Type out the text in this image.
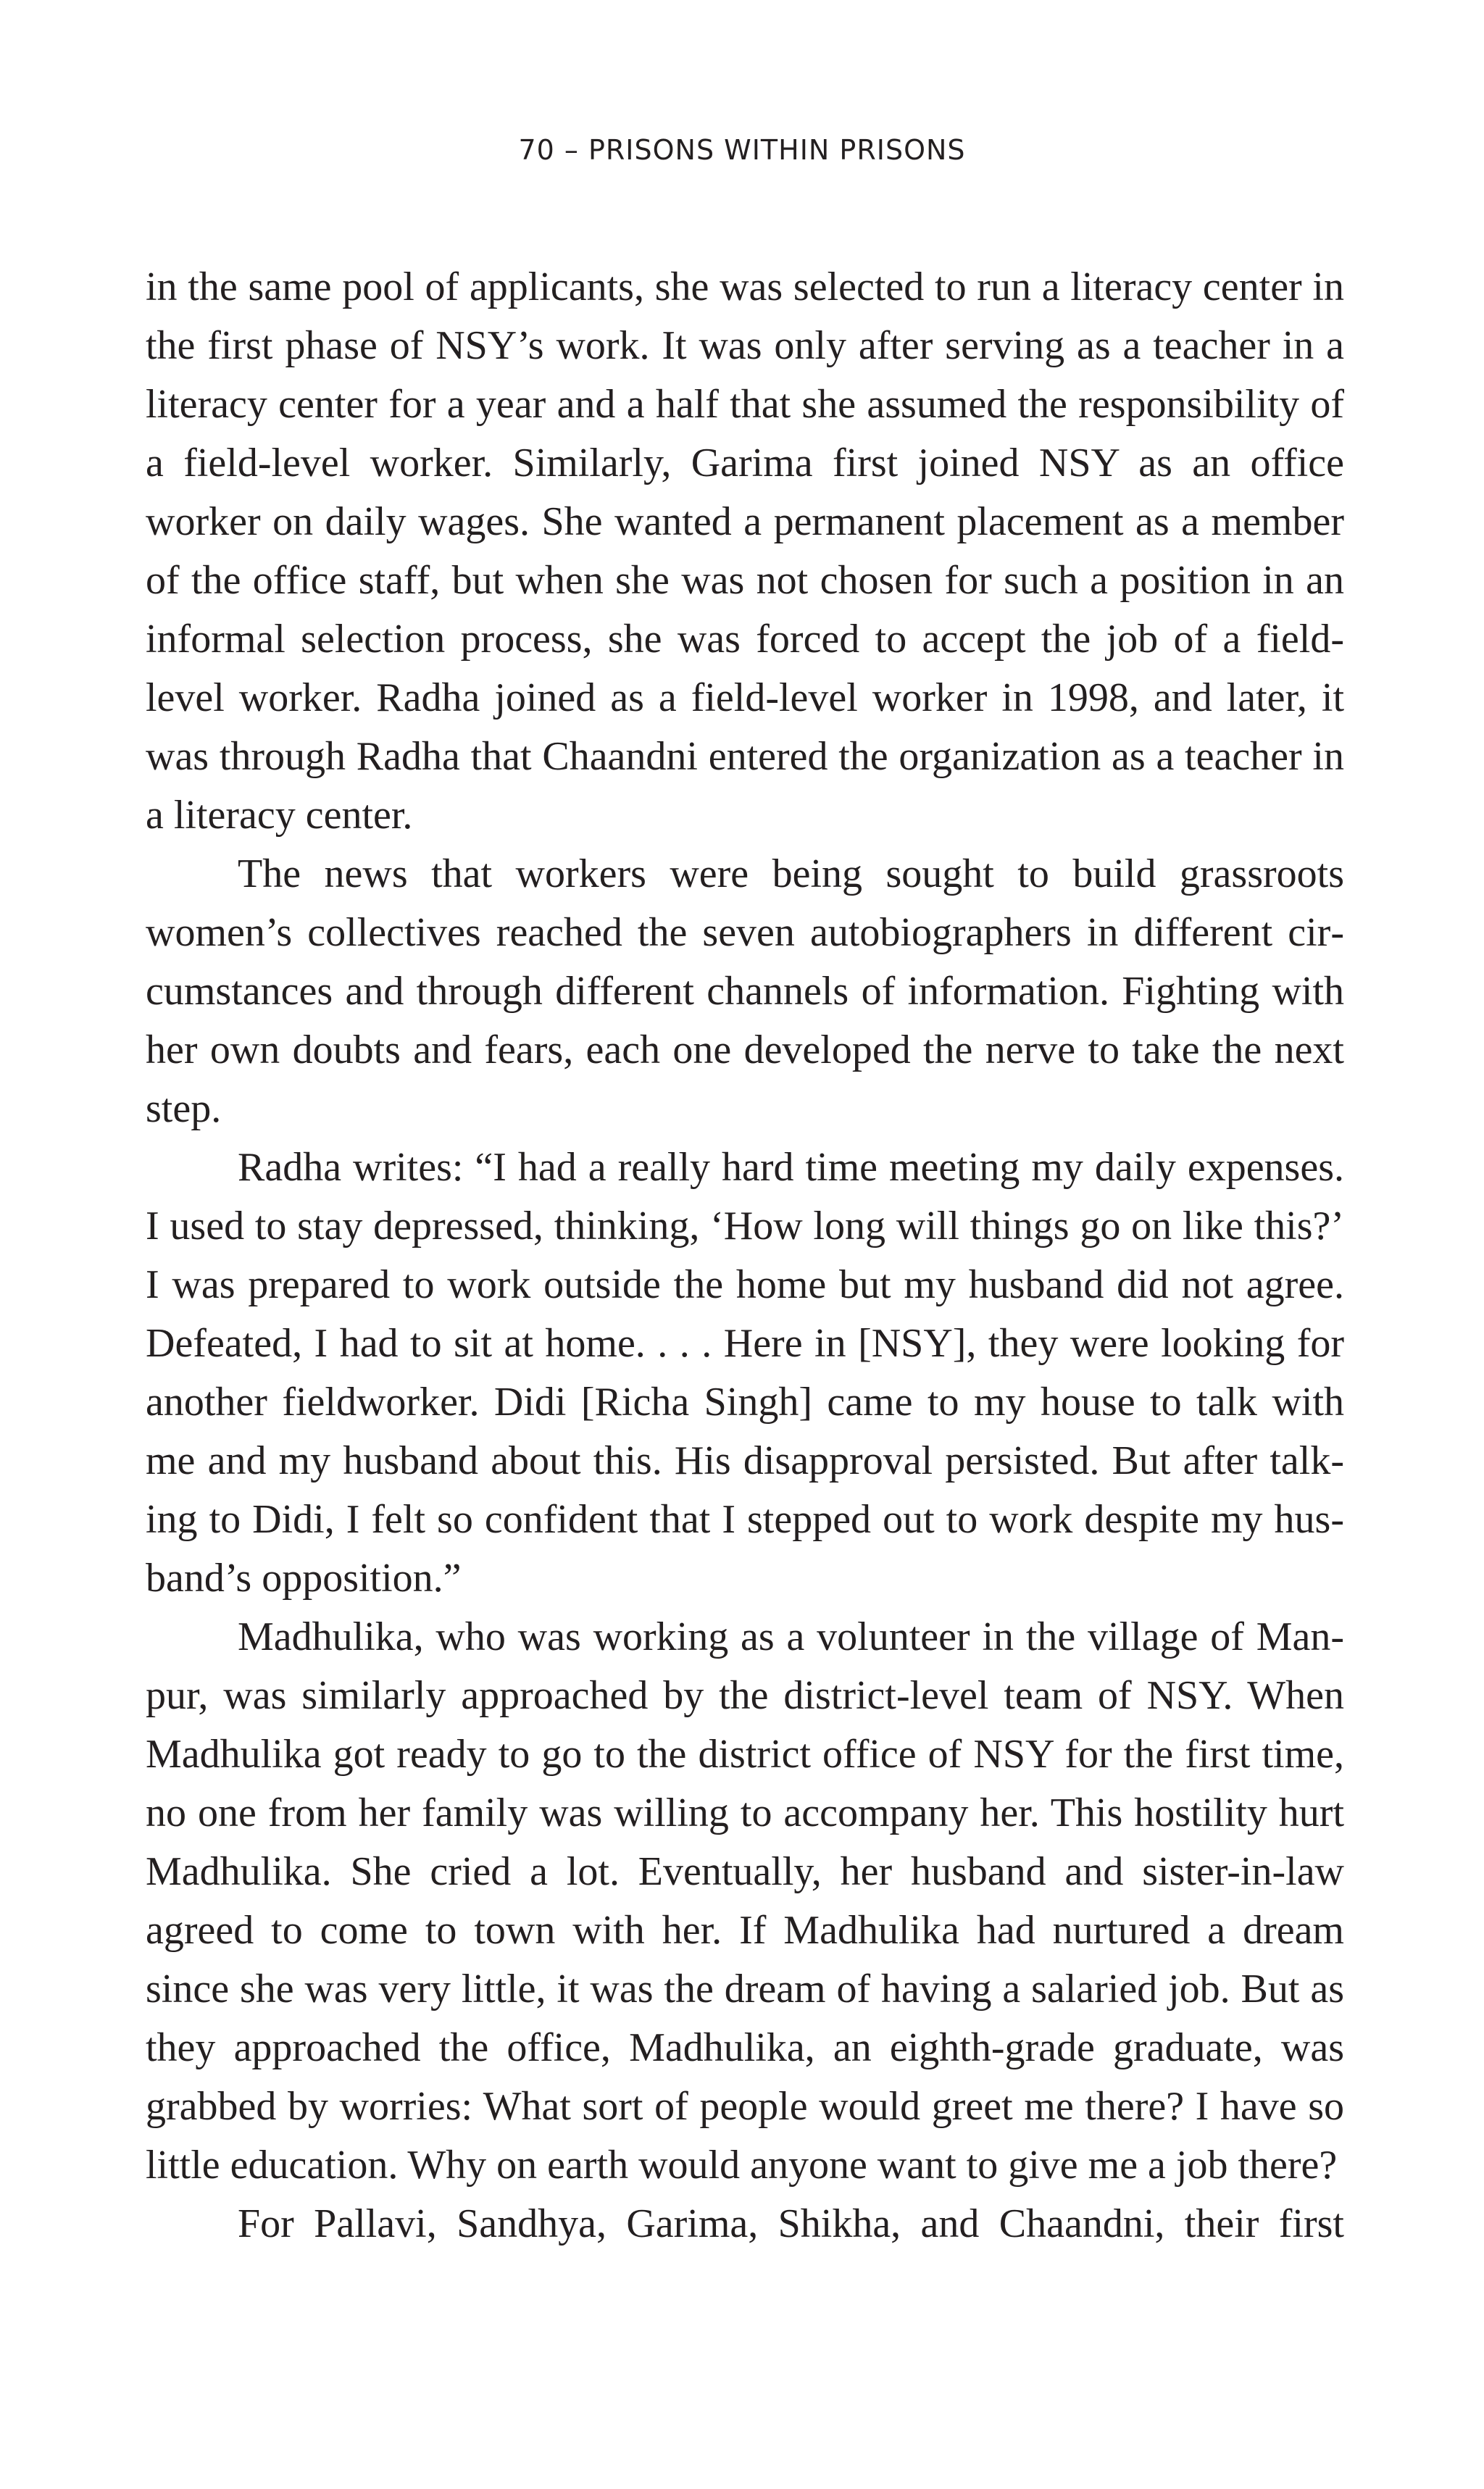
70 – PRISONS WITHIN PRISONS

in the same pool of applicants, she was selected to run a literacy center in the first phase of NSY’s work. It was only after serving as a teacher in a literacy center for a year and a half that she assumed the responsibility of a field-level worker. Similarly, Garima first joined NSY as an office worker on daily wages. She wanted a permanent placement as a member of the office staff, but when she was not chosen for such a position in an informal selection process, she was forced to accept the job of a field-level worker. Radha joined as a field-level worker in 1998, and later, it was through Radha that Chaandni entered the organization as a teacher in a literacy center.

The news that workers were being sought to build grassroots women’s collectives reached the seven autobiographers in different circumstances and through different channels of information. Fighting with her own doubts and fears, each one developed the nerve to take the next step.

Radha writes: “I had a really hard time meeting my daily expenses. I used to stay depressed, thinking, ‘How long will things go on like this?’ I was prepared to work outside the home but my husband did not agree. Defeated, I had to sit at home. . . . Here in [NSY], they were looking for another fieldworker. Didi [Richa Singh] came to my house to talk with me and my husband about this. His disapproval persisted. But after talking to Didi, I felt so confident that I stepped out to work despite my husband’s opposition.”

Madhulika, who was working as a volunteer in the village of Manpur, was similarly approached by the district-level team of NSY. When Madhulika got ready to go to the district office of NSY for the first time, no one from her family was willing to accompany her. This hostility hurt Madhulika. She cried a lot. Eventually, her husband and sister-in-law agreed to come to town with her. If Madhulika had nurtured a dream since she was very little, it was the dream of having a salaried job. But as they approached the office, Madhulika, an eighth-grade graduate, was grabbed by worries: What sort of people would greet me there? I have so little education. Why on earth would anyone want to give me a job there?

For Pallavi, Sandhya, Garima, Shikha, and Chaandni, their first
